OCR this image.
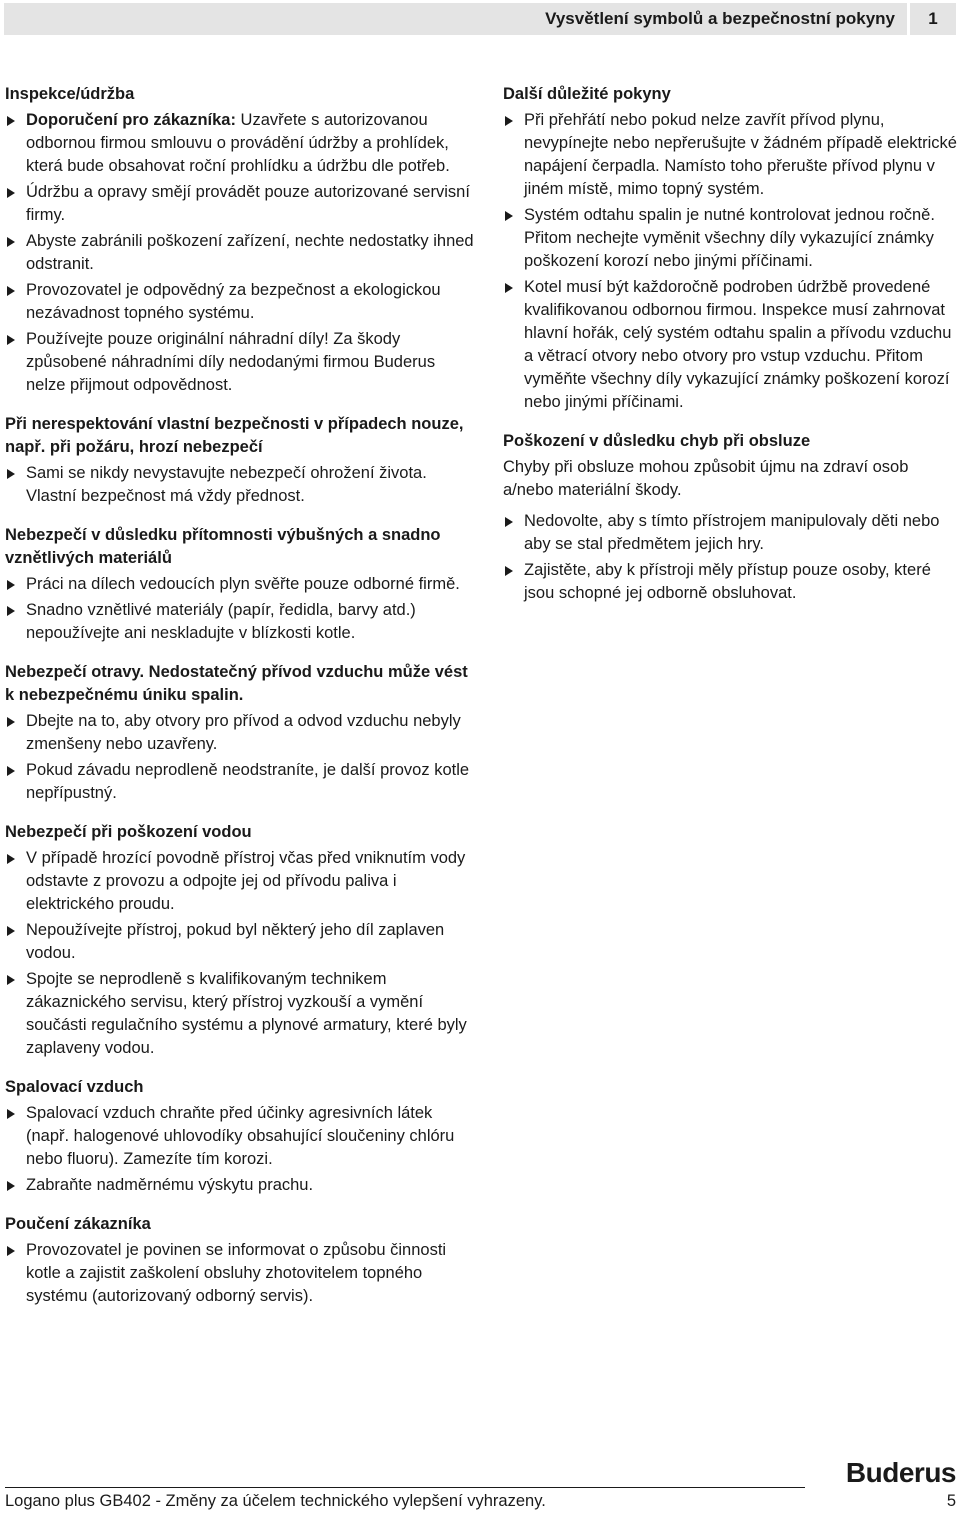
Vysvětlení symbolů a bezpečnostní pokyny	1
Inspekce/údržba
Doporučení pro zákazníka: Uzavřete s autorizovanou odbornou firmou smlouvu o provádění údržby a prohlídek, která bude obsahovat roční prohlídku a údržbu dle potřeb.
Údržbu a opravy smějí provádět pouze autorizované servisní firmy.
Abyste zabránili poškození zařízení, nechte nedostatky ihned odstranit.
Provozovatel je odpovědný za bezpečnost a ekologickou nezávadnost topného systému.
Používejte pouze originální náhradní díly! Za škody způsobené náhradními díly nedodanými firmou Buderus nelze přijmout odpovědnost.
Při nerespektování vlastní bezpečnosti v případech nouze, např. při požáru, hrozí nebezpečí
Sami se nikdy nevystavujte nebezpečí ohrožení života. Vlastní bezpečnost má vždy přednost.
Nebezpečí v důsledku přítomnosti výbušných a snadno vznětlivých materiálů
Práci na dílech vedoucích plyn svěřte pouze odborné firmě.
Snadno vznětlivé materiály (papír, ředidla, barvy atd.) nepoužívejte ani neskladujte v blízkosti kotle.
Nebezpečí otravy. Nedostatečný přívod vzduchu může vést k nebezpečnému úniku spalin.
Dbejte na to, aby otvory pro přívod a odvod vzduchu nebyly zmenšeny nebo uzavřeny.
Pokud závadu neprodleně neodstraníte, je další provoz kotle nepřípustný.
Nebezpečí při poškození vodou
V případě hrozící povodně přístroj včas před vniknutím vody odstavte z provozu a odpojte jej od přívodu paliva i elektrického proudu.
Nepoužívejte přístroj, pokud byl některý jeho díl zaplaven vodou.
Spojte se neprodleně s kvalifikovaným technikem zákaznického servisu, který přístroj vyzkouší a vymění součásti regulačního systému a plynové armatury, které byly zaplaveny vodou.
Spalovací vzduch
Spalovací vzduch chraňte před účinky agresivních látek (např. halogenové uhlovodíky obsahující sloučeniny chlóru nebo fluoru). Zamezíte tím korozi.
Zabraňte nadměrnému výskytu prachu.
Poučení zákazníka
Provozovatel je povinen se informovat o způsobu činnosti kotle a zajistit zaškolení obsluhy zhotovitelem topného systému (autorizovaný odborný servis).
Další důležité pokyny
Při přehřátí nebo pokud nelze zavřít přívod plynu, nevypínejte nebo nepřerušujte v žádném případě elektrické napájení čerpadla. Namísto toho přerušte přívod plynu v jiném místě, mimo topný systém.
Systém odtahu spalin je nutné kontrolovat jednou ročně. Přitom nechejte vyměnit všechny díly vykazující známky poškození korozí nebo jinými příčinami.
Kotel musí být každoročně podroben údržbě provedené kvalifikovanou odbornou firmou. Inspekce musí zahrnovat hlavní hořák, celý systém odtahu spalin a přívodu vzduchu a větrací otvory nebo otvory pro vstup vzduchu. Přitom vyměňte všechny díly vykazující známky poškození korozí nebo jinými příčinami.
Poškození v důsledku chyb při obsluze

Chyby při obsluze mohou způsobit újmu na zdraví osob a/nebo materiální škody.

Nedovolte, aby s tímto přístrojem manipulovaly děti nebo aby se stal předmětem jejich hry.
Zajistěte, aby k přístroji měly přístup pouze osoby, které jsou schopné jej odborně obsluhovat.
Buderus
Logano plus GB402 - Změny za účelem technického vylepšení vyhrazeny.	5
